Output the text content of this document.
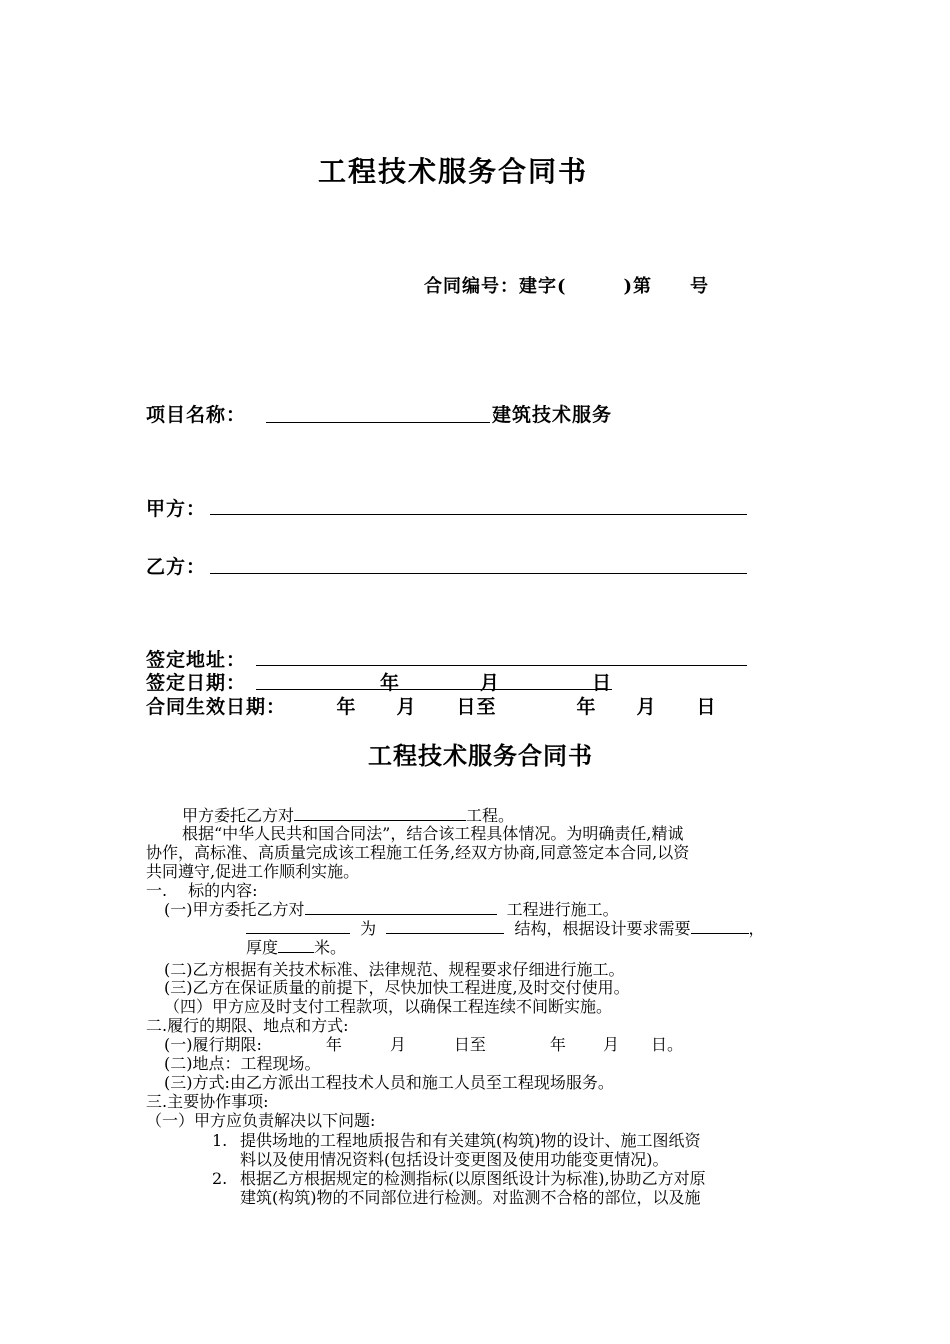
工程技术服务合同书
合同编号：建字(　　　)第　　号
项目名称：	建筑技术服务
甲方：
乙方：
签定地址：
签定日期：	年	月	日
合同生效日期：　　　年　　月　　日至　　　　年　　月　　日
工程技术服务合同书
甲方委托乙方对	工程。
根据“中华人民共和国合同法”，结合该工程具体情况。为明确责任,精诚
协作，高标准、高质量完成该工程施工任务,经双方协商,同意签定本合同,以资
共同遵守,促进工作顺利实施。
一.　 标的内容:
(一)甲方委托乙方对	工程进行施工。
为	结构，根据设计要求需要	，
厚度 米。
(二)乙方根据有关技术标准、法律规范、规程要求仔细进行施工。
(三)乙方在保证质量的前提下，尽快加快工程进度,及时交付使用。
（四）甲方应及时支付工程款项，以确保工程连续不间断实施。
二.履行的期限、地点和方式:
(一)履行期限:　　　　年　　　月　　　日至　　　　年　　 月　　日。
(二)地点：工程现场。
(三)方式:由乙方派出工程技术人员和施工人员至工程现场服务。
三.主要协作事项:
（一）甲方应负责解决以下问题:
1. 提供场地的工程地质报告和有关建筑(构筑)物的设计、施工图纸资
料以及使用情况资料(包括设计变更图及使用功能变更情况)。
2. 根据乙方根据规定的检测指标(以原图纸设计为标准),协助乙方对原
建筑(构筑)物的不同部位进行检测。对监测不合格的部位，以及施
